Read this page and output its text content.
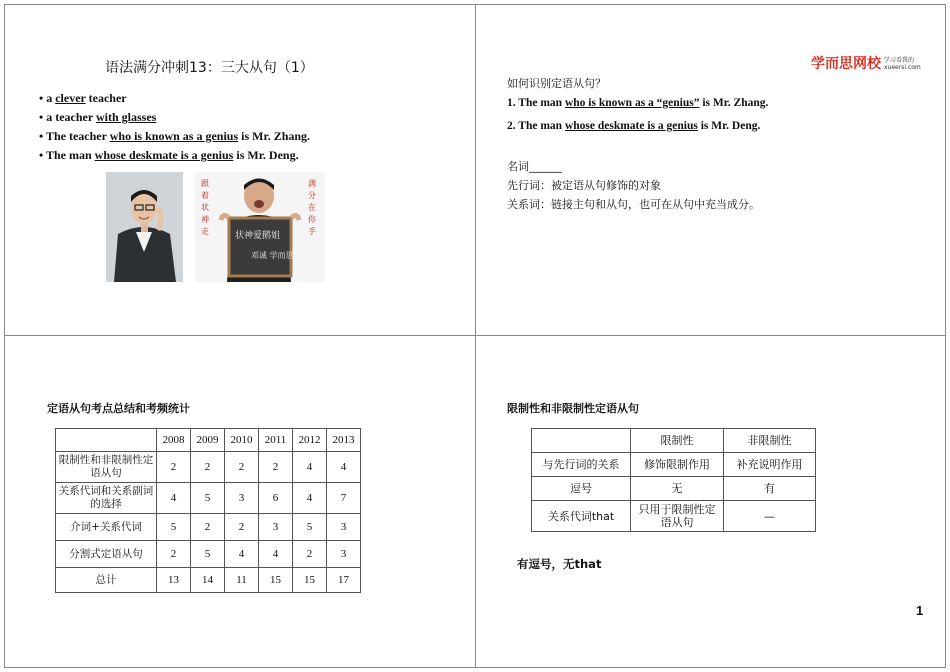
语法满分冲刺13：三大从句（1）
• a clever teacher
• a teacher with glasses
• The teacher who is known as a genius is Mr. Zhang.
• The man whose deskmate is a genius is Mr. Deng.
跟着状神走
满分在你手
状神爱鹅姐
邓诚 学而思
学而思网校 学习看我的
xueersi.com
如何识别定语从句？
1. The man who is known as a “genius” is Mr. Zhang.
2. The man whose deskmate is a genius is Mr. Deng.
名词______
先行词：被定语从句修饰的对象
关系词：链接主句和从句，也可在从句中充当成分。
定语从句考点总结和考频统计
	2008	2009	2010	2011	2012	2013
限制性和非限制性定语从句	2	2	2	2	4	4
关系代词和关系副词的选择	4	5	3	6	4	7
介词+关系代词	5	2	2	3	5	3
分割式定语从句	2	5	4	4	2	3
总计	13	14	11	15	15	17
限制性和非限制性定语从句
	限制性	非限制性
与先行词的关系	修饰限制作用	补充说明作用
逗号	无	有
关系代词that	只用于限制性定语从句	—
有逗号，无that
1
